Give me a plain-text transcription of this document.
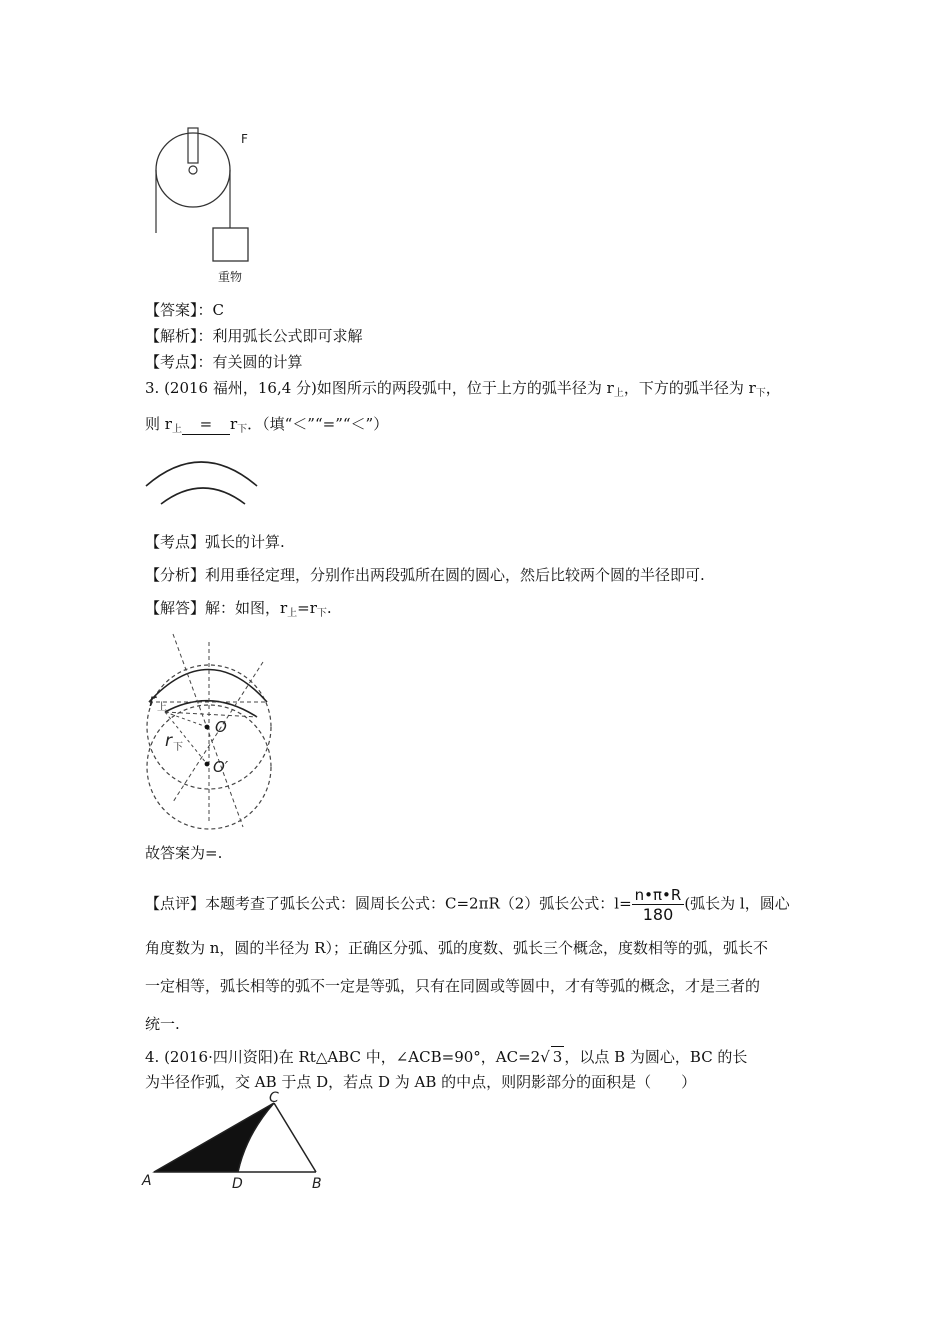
F
重物
【答案】：C
【解析】：利用弧长公式即可求解
【考点】：有关圆的计算
3. (2016 福州，16,4 分)如图所示的两段弧中，位于上方的弧半径为 $r_上$，下方的弧半径为 $r_下$，
则 $r_上 = r_下$．（填“＜”“=”“＜”）
【考点】弧长的计算.
【分析】利用垂径定理，分别作出两段弧所在圆的圆心，然后比较两个圆的半径即可.
【解答】解：如图，$r_上=r_下$.
r 上
r 下
O
O′
故答案为=.
【点评】本题考查了弧长公式：圆周长公式：C=2πR（2）弧长公式：$l= \frac{n•\pi•R}{180}$ (弧长为 l，圆心
角度数为 n，圆的半径为 R）；正确区分弧、弧的度数、弧长三个概念，度数相等的弧，弧长不
一定相等，弧长相等的弧不一定是等弧，只有在同圆或等圆中，才有等弧的概念，才是三者的
统一.
4. (2016·四川资阳)在 Rt△ABC 中，∠ACB=90°，AC=2√ 3 ，以点 B 为圆心，BC 的长
为半径作弧，交 AB 于点 D，若点 D 为 AB 的中点，则阴影部分的面积是（　　）
A	B
C
D
